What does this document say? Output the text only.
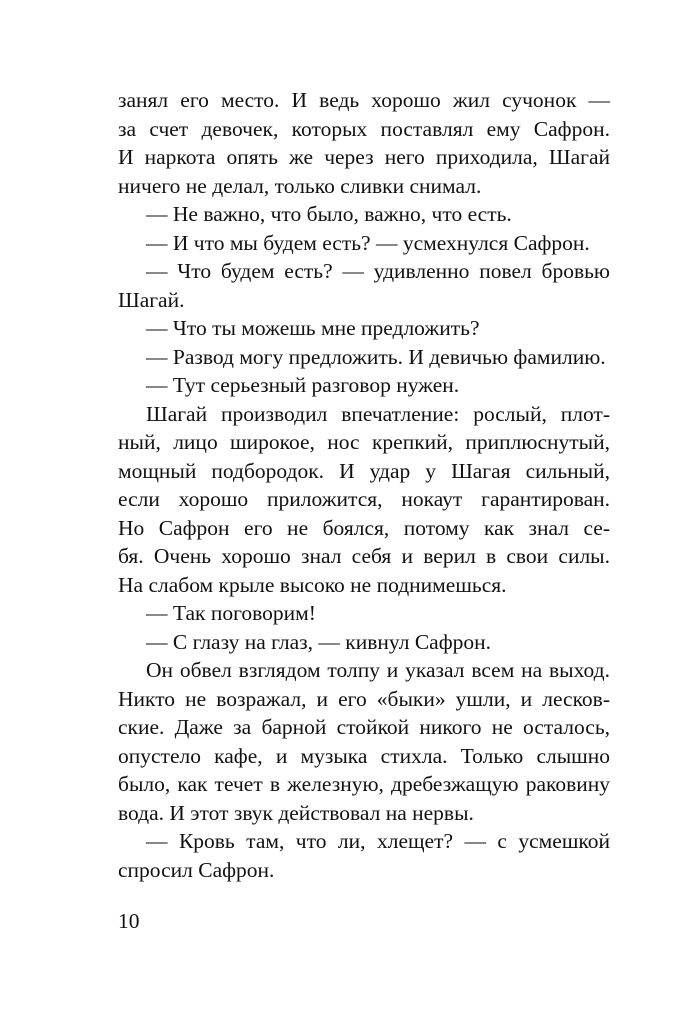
занял его место. И ведь хорошо жил сучонок —
за счет девочек, которых поставлял ему Сафрон.
И наркота опять же через него приходила, Шагай
ничего не делал, только сливки снимал.
— Не важно, что было, важно, что есть.
— И что мы будем есть? — усмехнулся Сафрон.
— Что будем есть? — удивленно повел бровью
Шагай.
— Что ты можешь мне предложить?
— Развод могу предложить. И девичью фамилию.
— Тут серьезный разговор нужен.
Шагай производил впечатление: рослый, плот-
ный, лицо широкое, нос крепкий, приплюснутый,
мощный подбородок. И удар у Шагая сильный,
если хорошо приложится, нокаут гарантирован.
Но Сафрон его не боялся, потому как знал се-
бя. Очень хорошо знал себя и верил в свои силы.
На слабом крыле высоко не поднимешься.
— Так поговорим!
— С глазу на глаз, — кивнул Сафрон.
Он обвел взглядом толпу и указал всем на выход.
Никто не возражал, и его «быки» ушли, и лесков-
ские. Даже за барной стойкой никого не осталось,
опустело кафе, и музыка стихла. Только слышно
было, как течет в железную, дребезжащую раковину
вода. И этот звук действовал на нервы.
— Кровь там, что ли, хлещет? — с усмешкой
спросил Сафрон.
10
